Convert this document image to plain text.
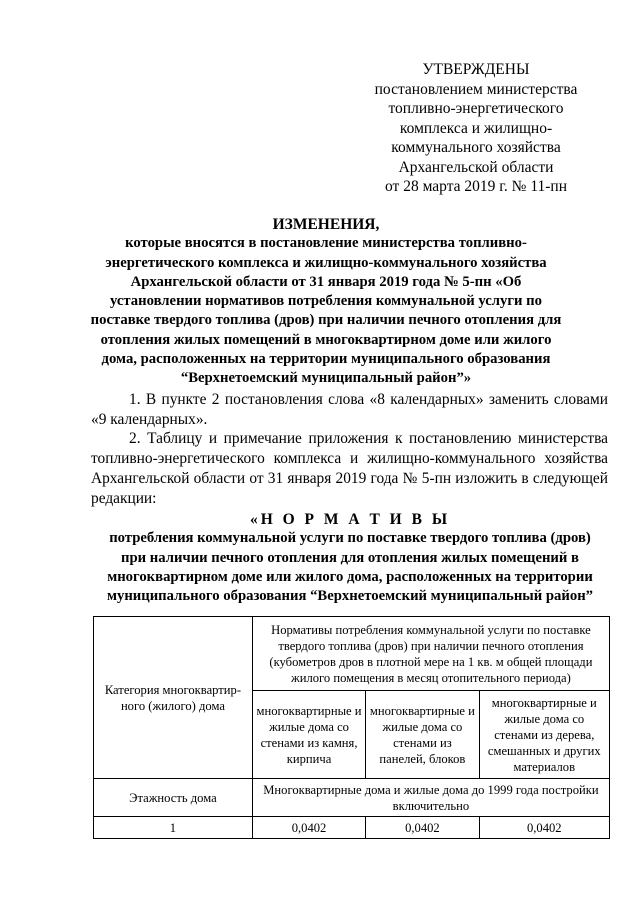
УТВЕРЖДЕНЫ
постановлением министерства
топливно-энергетического
комплекса и жилищно-
коммунального хозяйства
Архангельской области
от 28 марта 2019 г. № 11-пн
ИЗМЕНЕНИЯ,
которые вносятся в постановление министерства топливно-энергетического комплекса и жилищно-коммунального хозяйства Архангельской области от 31 января 2019 года № 5-пн «Об установлении нормативов потребления коммунальной услуги по поставке твердого топлива (дров) при наличии печного отопления для отопления жилых помещений в многоквартирном доме или жилого дома, расположенных на территории муниципального образования “Верхнетоемский муниципальный район”»

1. В пункте 2 постановления слова «8 календарных» заменить словами «9 календарных».

2. Таблицу и примечание приложения к постановлению министерства топливно-энергетического комплекса и жилищно-коммунального хозяйства Архангельской области от 31 января 2019 года № 5-пн изложить в следующей редакции:

«Н О Р М А Т И В Ы
потребления коммунальной услуги по поставке твердого топлива (дров) при наличии печного отопления для отопления жилых помещений в многоквартирном доме или жилого дома, расположенных на территории муниципального образования “Верхнетоемский муниципальный район”
Категория многоквартир-ного (жилого) дома	Нормативы потребления коммунальной услуги по поставке твердого топлива (дров) при наличии печного отопления (кубометров дров в плотной мере на 1 кв. м общей площади жилого помещения в месяц отопительного периода)		
	многоквартирные и жилые дома со стенами из камня, кирпича	многоквартирные и жилые дома со стенами из панелей, блоков	многоквартирные и жилые дома со стенами из дерева, смешанных и других материалов
Этажность дома	Многоквартирные дома и жилые дома до 1999 года постройки включительно		
1	0,0402	0,0402	0,0402
